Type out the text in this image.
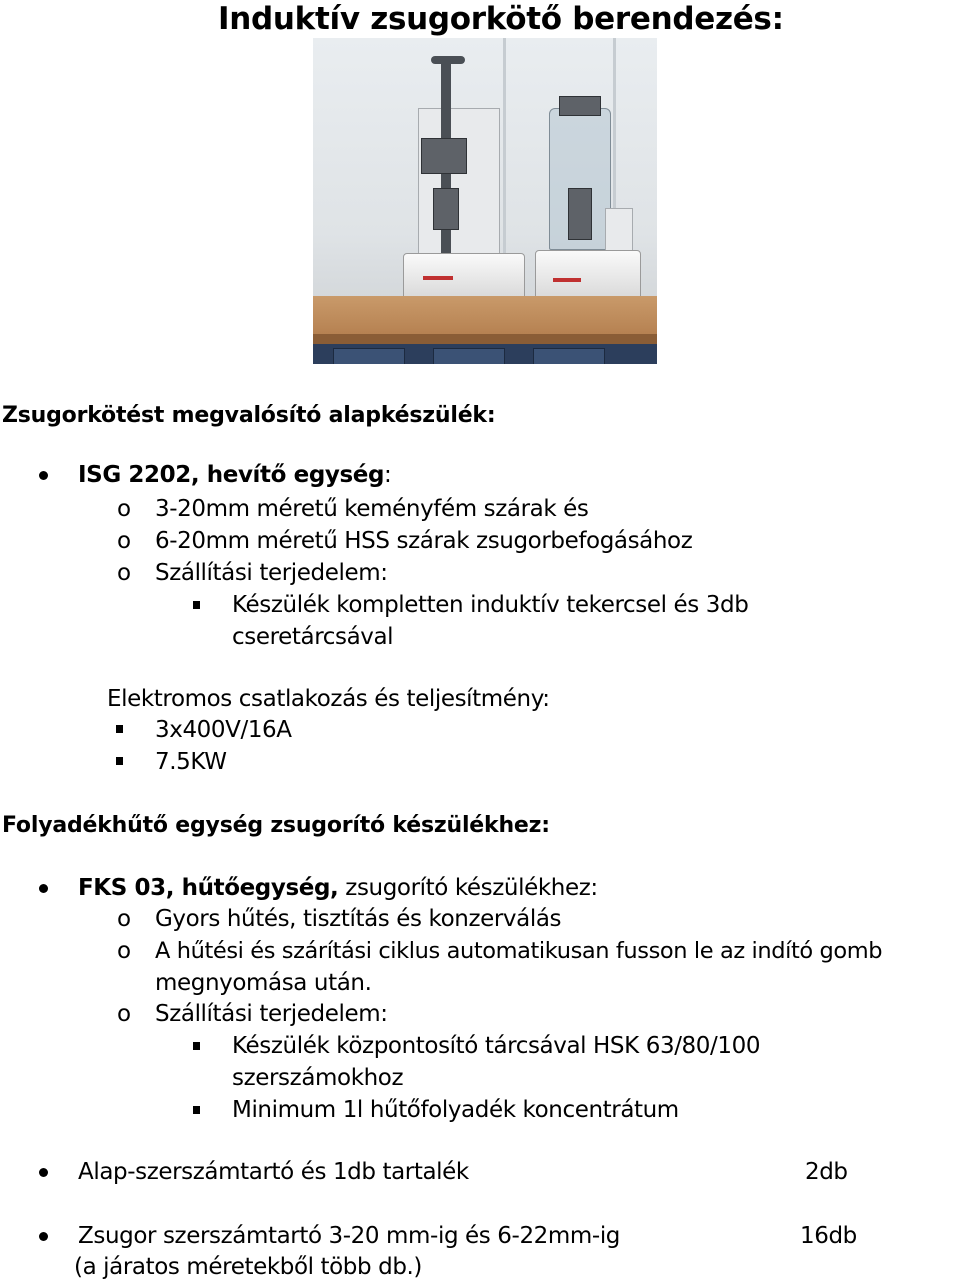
Induktív zsugorkötő berendezés:
Zsugorkötést megvalósító alapkészülék:
ISG 2202, hevítő egység:
o 3-20mm méretű keményfém szárak és
o 6-20mm méretű HSS szárak zsugorbefogásához
o Szállítási terjedelem:
Készülék kompletten induktív tekercsel és 3db
cseretárcsával
Elektromos csatlakozás és teljesítmény:
3x400V/16A
7.5KW
Folyadékhűtő egység zsugorító készülékhez:
FKS 03, hűtőegység, zsugorító készülékhez:
o Gyors hűtés, tisztítás és konzerválás
o A hűtési és szárítási ciklus automatikusan fusson le az indító gomb
megnyomása után.
o Szállítási terjedelem:
Készülék központosító tárcsával HSK 63/80/100
szerszámokhoz
Minimum 1l hűtőfolyadék koncentrátum
Alap-szerszámtartó és 1db tartalék	2db
Zsugor szerszámtartó 3-20 mm-ig és 6-22mm-ig	16db
(a járatos méretekből több db.)
